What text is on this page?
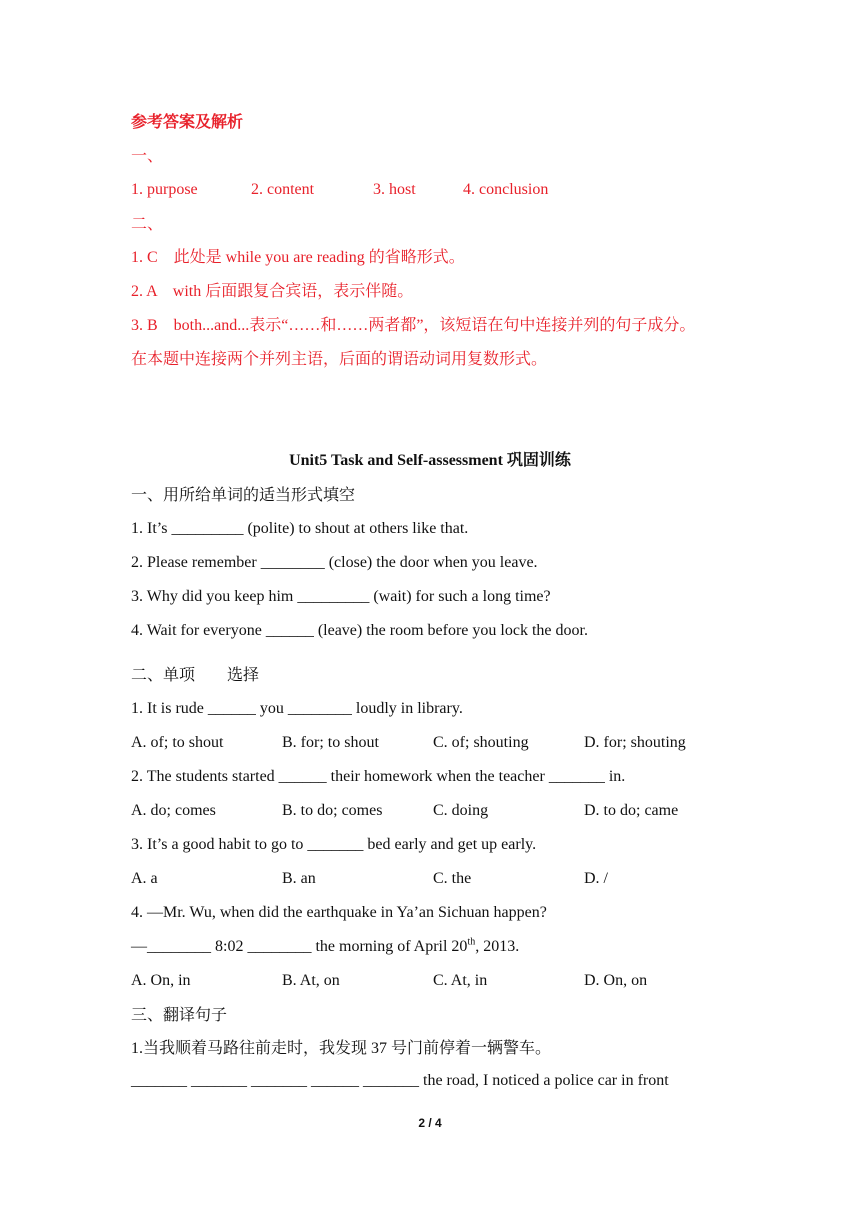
参考答案及解析
一、
1. purpose	2. content	3. host	4. conclusion
二、
1. C　此处是 while you are reading 的省略形式。
2. A　with 后面跟复合宾语，表示伴随。
3. B　both...and...表示“……和……两者都”，该短语在句中连接并列的句子成分。
在本题中连接两个并列主语，后面的谓语动词用复数形式。
Unit5 Task and Self-assessment 巩固训练
一、用所给单词的适当形式填空
1. It’s _________ (polite) to shout at others like that.
2. Please remember ________ (close) the door when you leave.
3. Why did you keep him _________ (wait) for such a long time?
4. Wait for everyone ______ (leave) the room before you lock the door.
二、单项　　选择
1. It is rude ______ you ________ loudly in library.
A. of; to shout	B. for; to shout	C. of; shouting	D. for; shouting
2. The students started ______ their homework when the teacher _______ in.
A. do; comes	B. to do; comes	C. doing	D. to do; came
3. It’s a good habit to go to _______ bed early and get up early.
A. a	B. an	C. the	D. /
4. —Mr. Wu, when did the earthquake in Ya’an Sichuan happen?
—________ 8:02 ________ the morning of April 20th, 2013.
A. On, in	B. At, on	C. At, in	D. On, on
三、翻译句子
1.当我顺着马路往前走时，我发现 37 号门前停着一辆警车。
_______ _______ _______ ______ _______ the road, I noticed a police car in front
2 / 4
